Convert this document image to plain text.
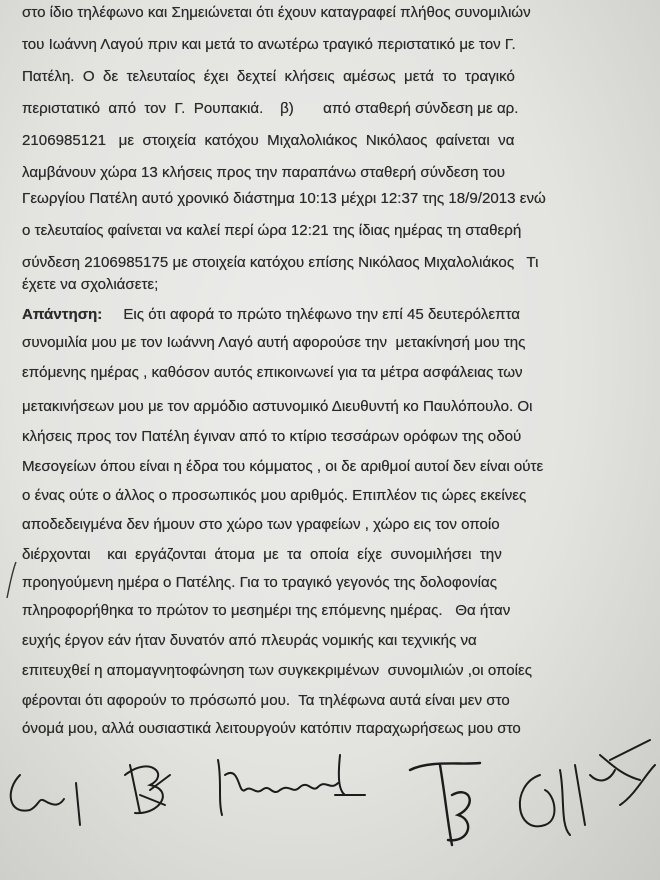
στο ίδιο τηλέφωνο και Σημειώνεται ότι έχουν καταγραφεί πλήθος συνομιλιών
του Ιωάννη Λαγού πριν και μετά το ανωτέρω τραγικό περιστατικό με τον Γ.
Πατέλη.  Ο  δε  τελευταίος  έχει  δεχτεί  κλήσεις  αμέσως  μετά  το  τραγικό
περιστατικό  από  τον  Γ.  Ρουπακιά.    β)       από σταθερή σύνδεση με αρ.
2106985121   με  στοιχεία  κατόχου  Μιχαλολιάκος  Νικόλαος  φαίνεται  να
λαμβάνουν χώρα 13 κλήσεις προς την παραπάνω σταθερή σύνδεση του
Γεωργίου Πατέλη αυτό χρονικό διάστημα 10:13 μέχρι 12:37 της 18/9/2013 ενώ
ο τελευταίος φαίνεται να καλεί περί ώρα 12:21 της ίδιας ημέρας τη σταθερή
σύνδεση 2106985175 με στοιχεία κατόχου επίσης Νικόλαος Μιχαλολιάκος   Τι
έχετε να σχολιάσετε;
Απάντηση:     Εις ότι αφορά το πρώτο τηλέφωνο την επί 45 δευτερόλεπτα
συνομιλία μου με τον Ιωάννη Λαγό αυτή αφορούσε την  μετακίνησή μου της
επόμενης ημέρας , καθόσον αυτός επικοινωνεί για τα μέτρα ασφάλειας των
μετακινήσεων μου με τον αρμόδιο αστυνομικό Διευθυντή κο Παυλόπουλο. Οι
κλήσεις προς τον Πατέλη έγιναν από το κτίριο τεσσάρων ορόφων της οδού
Μεσογείων όπου είναι η έδρα του κόμματος , οι δε αριθμοί αυτοί δεν είναι ούτε
ο ένας ούτε ο άλλος ο προσωπικός μου αριθμός. Επιπλέον τις ώρες εκείνες
αποδεδειγμένα δεν ήμουν στο χώρο των γραφείων , χώρο εις τον οποίο
διέρχονται    και  εργάζονται  άτομα  με  τα  οποία  είχε  συνομιλήσει  την
προηγούμενη ημέρα ο Πατέλης. Για το τραγικό γεγονός της δολοφονίας
πληροφορήθηκα το πρώτον το μεσημέρι της επόμενης ημέρας.   Θα ήταν
ευχής έργον εάν ήταν δυνατόν από πλευράς νομικής και τεχνικής να
επιτευχθεί η απομαγνητοφώνηση των συγκεκριμένων  συνομιλιών ,οι οποίες
φέρονται ότι αφορούν το πρόσωπό μου.  Τα τηλέφωνα αυτά είναι μεν στο
όνομά μου, αλλά ουσιαστικά λειτουργούν κατόπιν παραχωρήσεως μου στο
